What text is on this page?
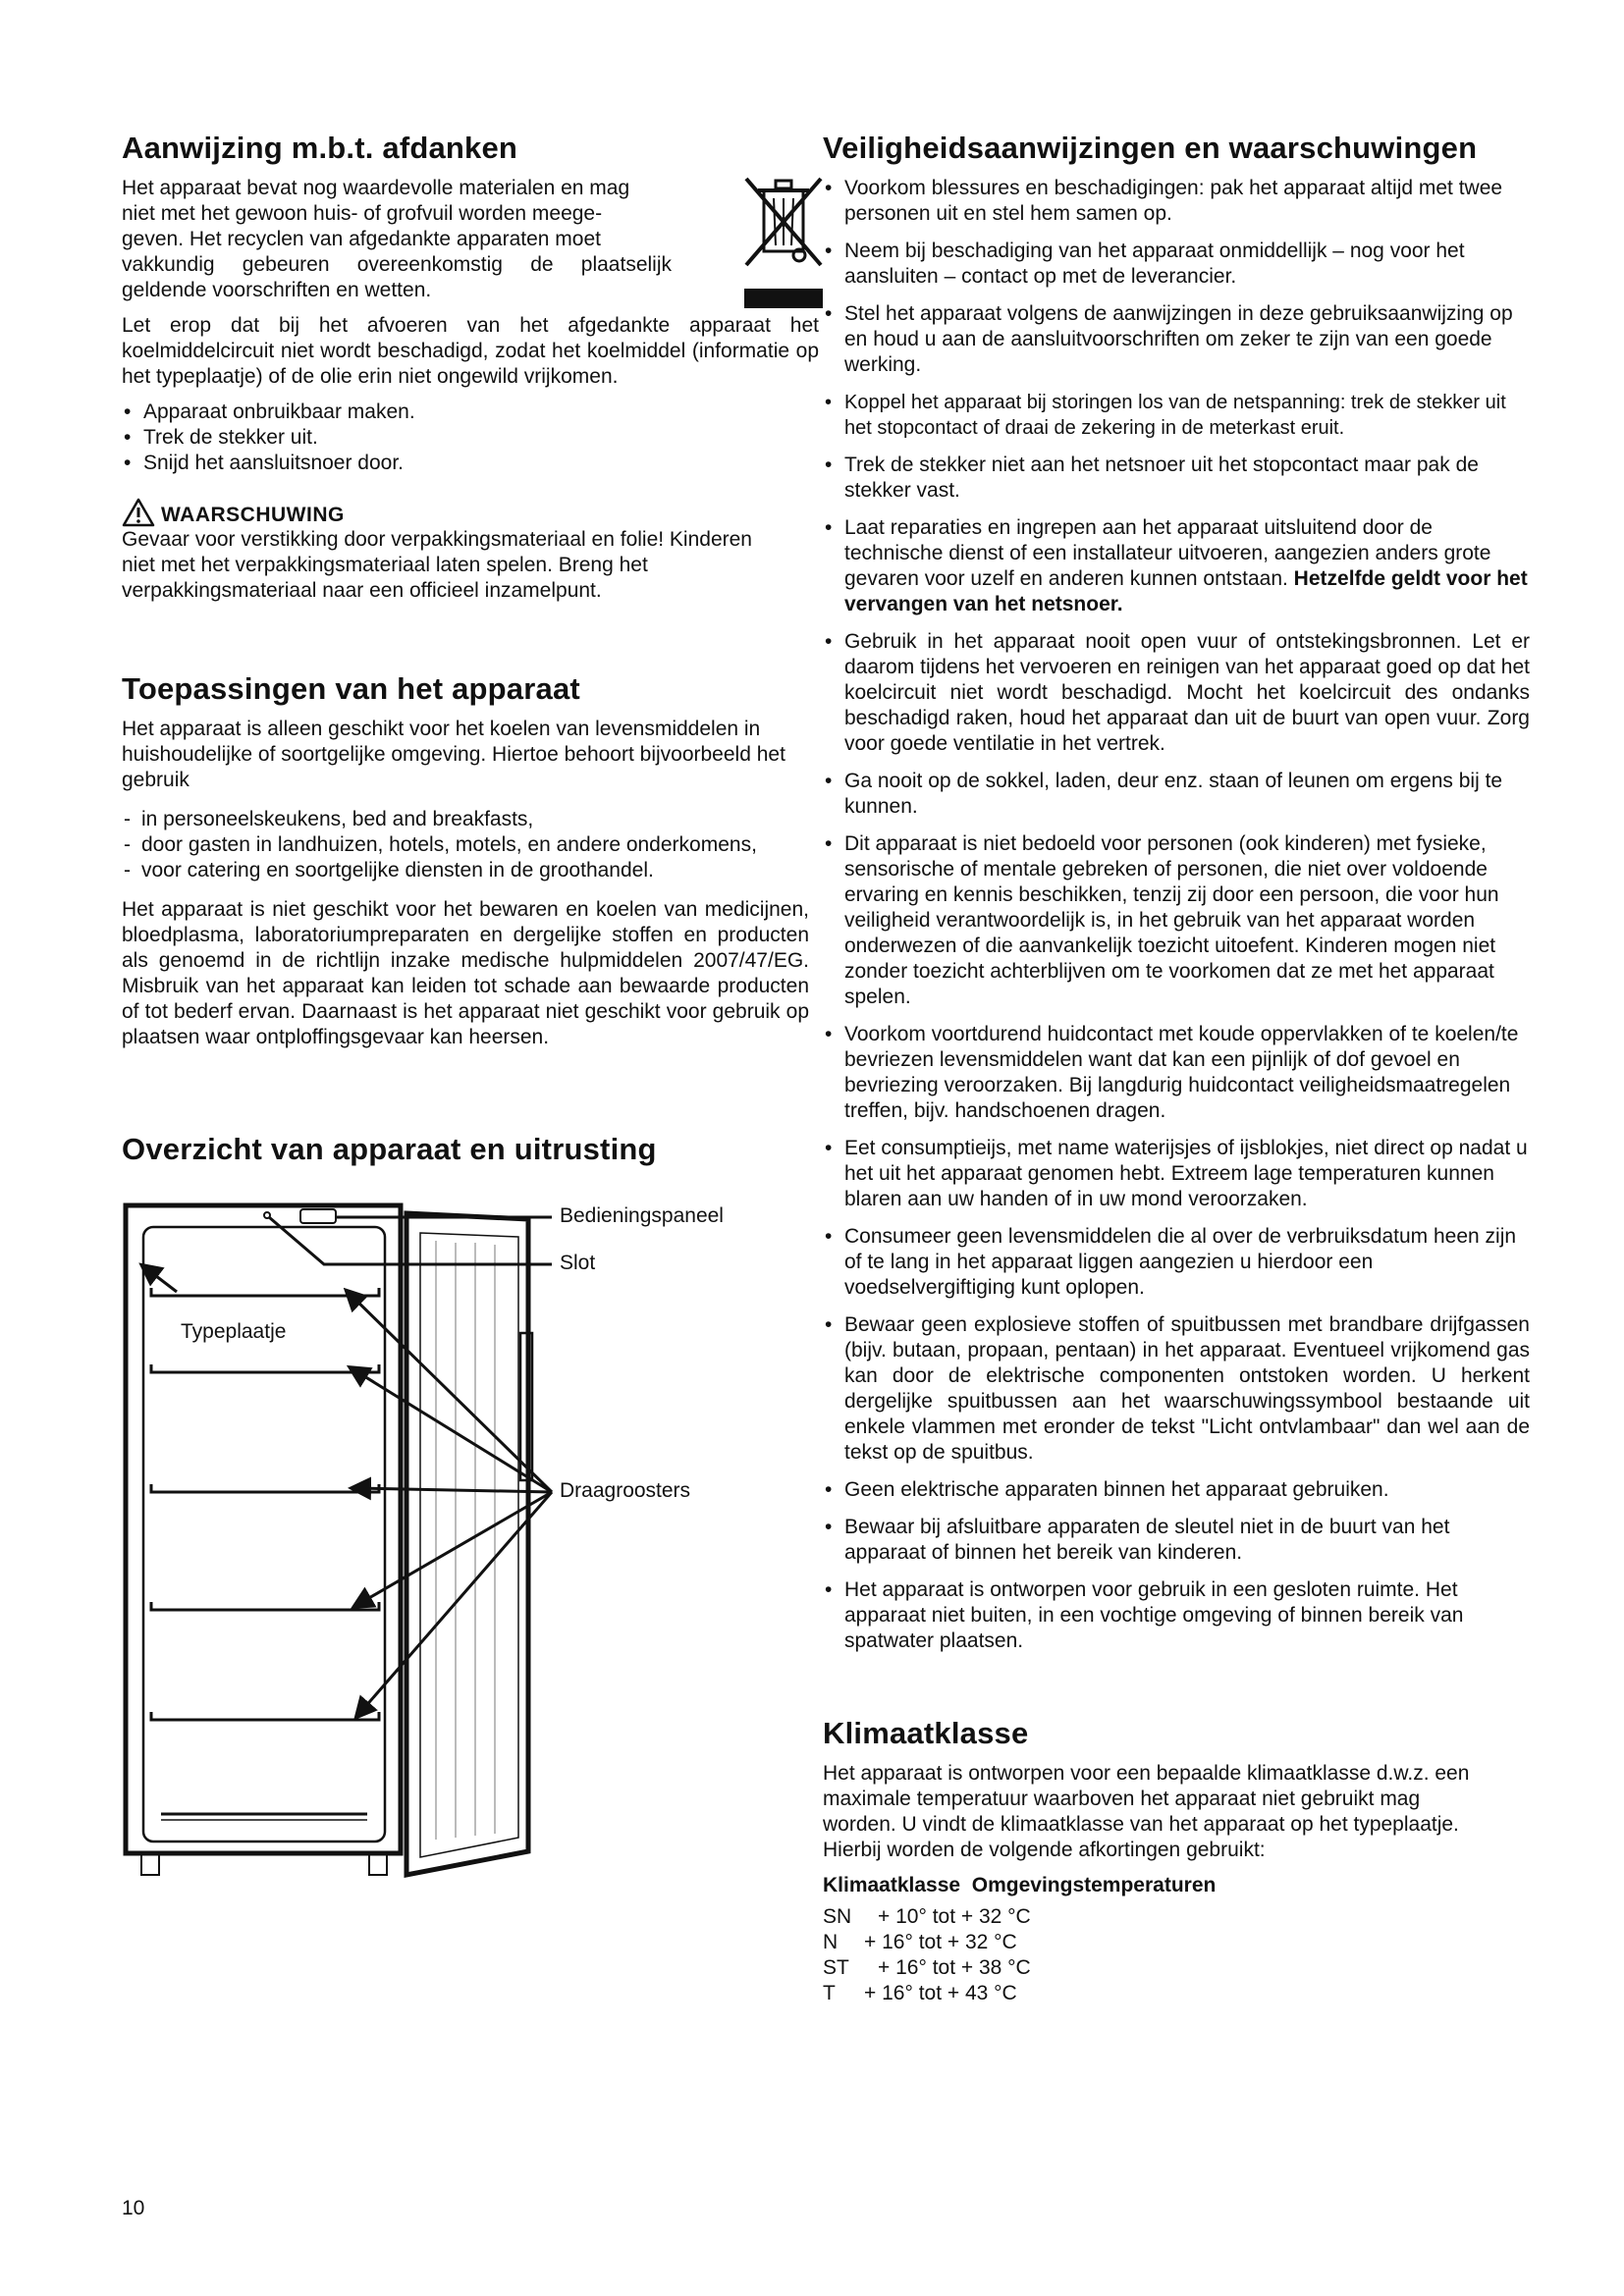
Aanwijzing m.b.t. afdanken

Het apparaat bevat nog waardevolle materialen en mag

niet met het gewoon huis- of grofvuil worden meege-

geven. Het recyclen van afgedankte apparaten moet

vakkundig gebeuren overeenkomstig de plaatselijk

geldende voorschriften en wetten.

Let erop dat bij het afvoeren van het afgedankte apparaat het koelmiddelcircuit niet wordt beschadigd, zodat het koelmiddel (informatie op het typeplaatje) of de olie erin niet ongewild vrijkomen.

• Apparaat onbruikbaar maken.
• Trek de stekker uit.
• Snijd het aansluitsnoer door.
WAARSCHUWING

Gevaar voor verstikking door verpakkingsmateriaal en folie! Kinderen niet met het verpakkingsmateriaal laten spelen. Breng het verpakkingsmateriaal naar een officieel inzamelpunt.

Toepassingen van het apparaat

Het apparaat is alleen geschikt voor het koelen van levensmiddelen in huishoudelijke of soortgelijke omgeving. Hiertoe behoort bijvoorbeeld het gebruik

- in personeelskeukens, bed and breakfasts,
- door gasten in landhuizen, hotels, motels, en andere onderkomens,
- voor catering en soortgelijke diensten in de groothandel.

Het apparaat is niet geschikt voor het bewaren en koelen van medicijnen, bloedplasma, laboratoriumpreparaten en dergelijke stoffen en producten als genoemd in de richtlijn inzake medische hulpmiddelen 2007/47/EG. Misbruik van het apparaat kan leiden tot schade aan bewaarde producten of tot bederf ervan. Daarnaast is het apparaat niet geschikt voor gebruik op plaatsen waar ontploffingsgevaar kan heersen.

Overzicht van apparaat en uitrusting
Bedieningspaneel
Slot
Typeplaatje
Draagroosters
Veiligheidsaanwijzingen en waarschuwingen
• Voorkom blessures en beschadigingen: pak het apparaat altijd met twee personen uit en stel hem samen op.
• Neem bij beschadiging van het apparaat onmiddellijk – nog voor het aansluiten – contact op met de leverancier.
• Stel het apparaat volgens de aanwijzingen in deze gebruiksaanwijzing op en houd u aan de aansluitvoorschriften om zeker te zijn van een goede werking.
• Koppel het apparaat bij storingen los van de netspanning: trek de stekker uit het stopcontact of draai de zekering in de meterkast eruit.
• Trek de stekker niet aan het netsnoer uit het stopcontact maar pak de stekker vast.
• Laat reparaties en ingrepen aan het apparaat uitsluitend door de technische dienst of een installateur uitvoeren, aangezien anders grote gevaren voor uzelf en anderen kunnen ontstaan. Hetzelfde geldt voor het vervangen van het netsnoer.
• Gebruik in het apparaat nooit open vuur of ontstekingsbronnen. Let er daarom tijdens het vervoeren en reinigen van het apparaat goed op dat het koelcircuit niet wordt beschadigd. Mocht het koelcircuit des ondanks beschadigd raken, houd het apparaat dan uit de buurt van open vuur. Zorg voor goede ventilatie in het vertrek.
• Ga nooit op de sokkel, laden, deur enz. staan of leunen om ergens bij te kunnen.
• Dit apparaat is niet bedoeld voor personen (ook kinderen) met fysieke, sensorische of mentale gebreken of personen, die niet over voldoende ervaring en kennis beschikken, tenzij zij door een persoon, die voor hun veiligheid verantwoordelijk is, in het gebruik van het apparaat worden onderwezen of die aanvankelijk toezicht uitoefent. Kinderen mogen niet zonder toezicht achterblijven om te voorkomen dat ze met het apparaat spelen.
• Voorkom voortdurend huidcontact met koude oppervlakken of te koelen/te bevriezen levensmiddelen want dat kan een pijnlijk of dof gevoel en bevriezing veroorzaken. Bij langdurig huidcontact veiligheidsmaatregelen treffen, bijv. handschoenen dragen.
• Eet consumptieijs, met name waterijsjes of ijsblokjes, niet direct op nadat u het uit het apparaat genomen hebt. Extreem lage temperaturen kunnen blaren aan uw handen of in uw mond veroorzaken.
• Consumeer geen levensmiddelen die al over de verbruiksdatum heen zijn of te lang in het apparaat liggen aangezien u hierdoor een voedselvergiftiging kunt oplopen.
• Bewaar geen explosieve stoffen of spuitbussen met brandbare drijfgassen (bijv. butaan, propaan, pentaan) in het apparaat. Eventueel vrijkomend gas kan door de elektrische componenten ontstoken worden. U herkent dergelijke spuitbussen aan het waarschuwingssymbool bestaande uit enkele vlammen met eronder de tekst "Licht ontvlambaar" dan wel aan de tekst op de spuitbus.
• Geen elektrische apparaten binnen het apparaat gebruiken.
• Bewaar bij afsluitbare apparaten de sleutel niet in de buurt van het apparaat of binnen het bereik van kinderen.
• Het apparaat is ontworpen voor gebruik in een gesloten ruimte. Het apparaat niet buiten, in een vochtige omgeving of binnen bereik van spatwater plaatsen.
Klimaatklasse

Het apparaat is ontworpen voor een bepaalde klimaatklasse d.w.z. een maximale temperatuur waarboven het apparaat niet gebruikt mag worden. U vindt de klimaatklasse van het apparaat op het typeplaatje. Hierbij worden de volgende afkortingen gebruikt:

Klimaatklasse  Omgevingstemperaturen

SN	+ 10° tot + 32 °C
N	+ 16° tot + 32 °C
ST	+ 16° tot + 38 °C
T	+ 16° tot + 43 °C
10
